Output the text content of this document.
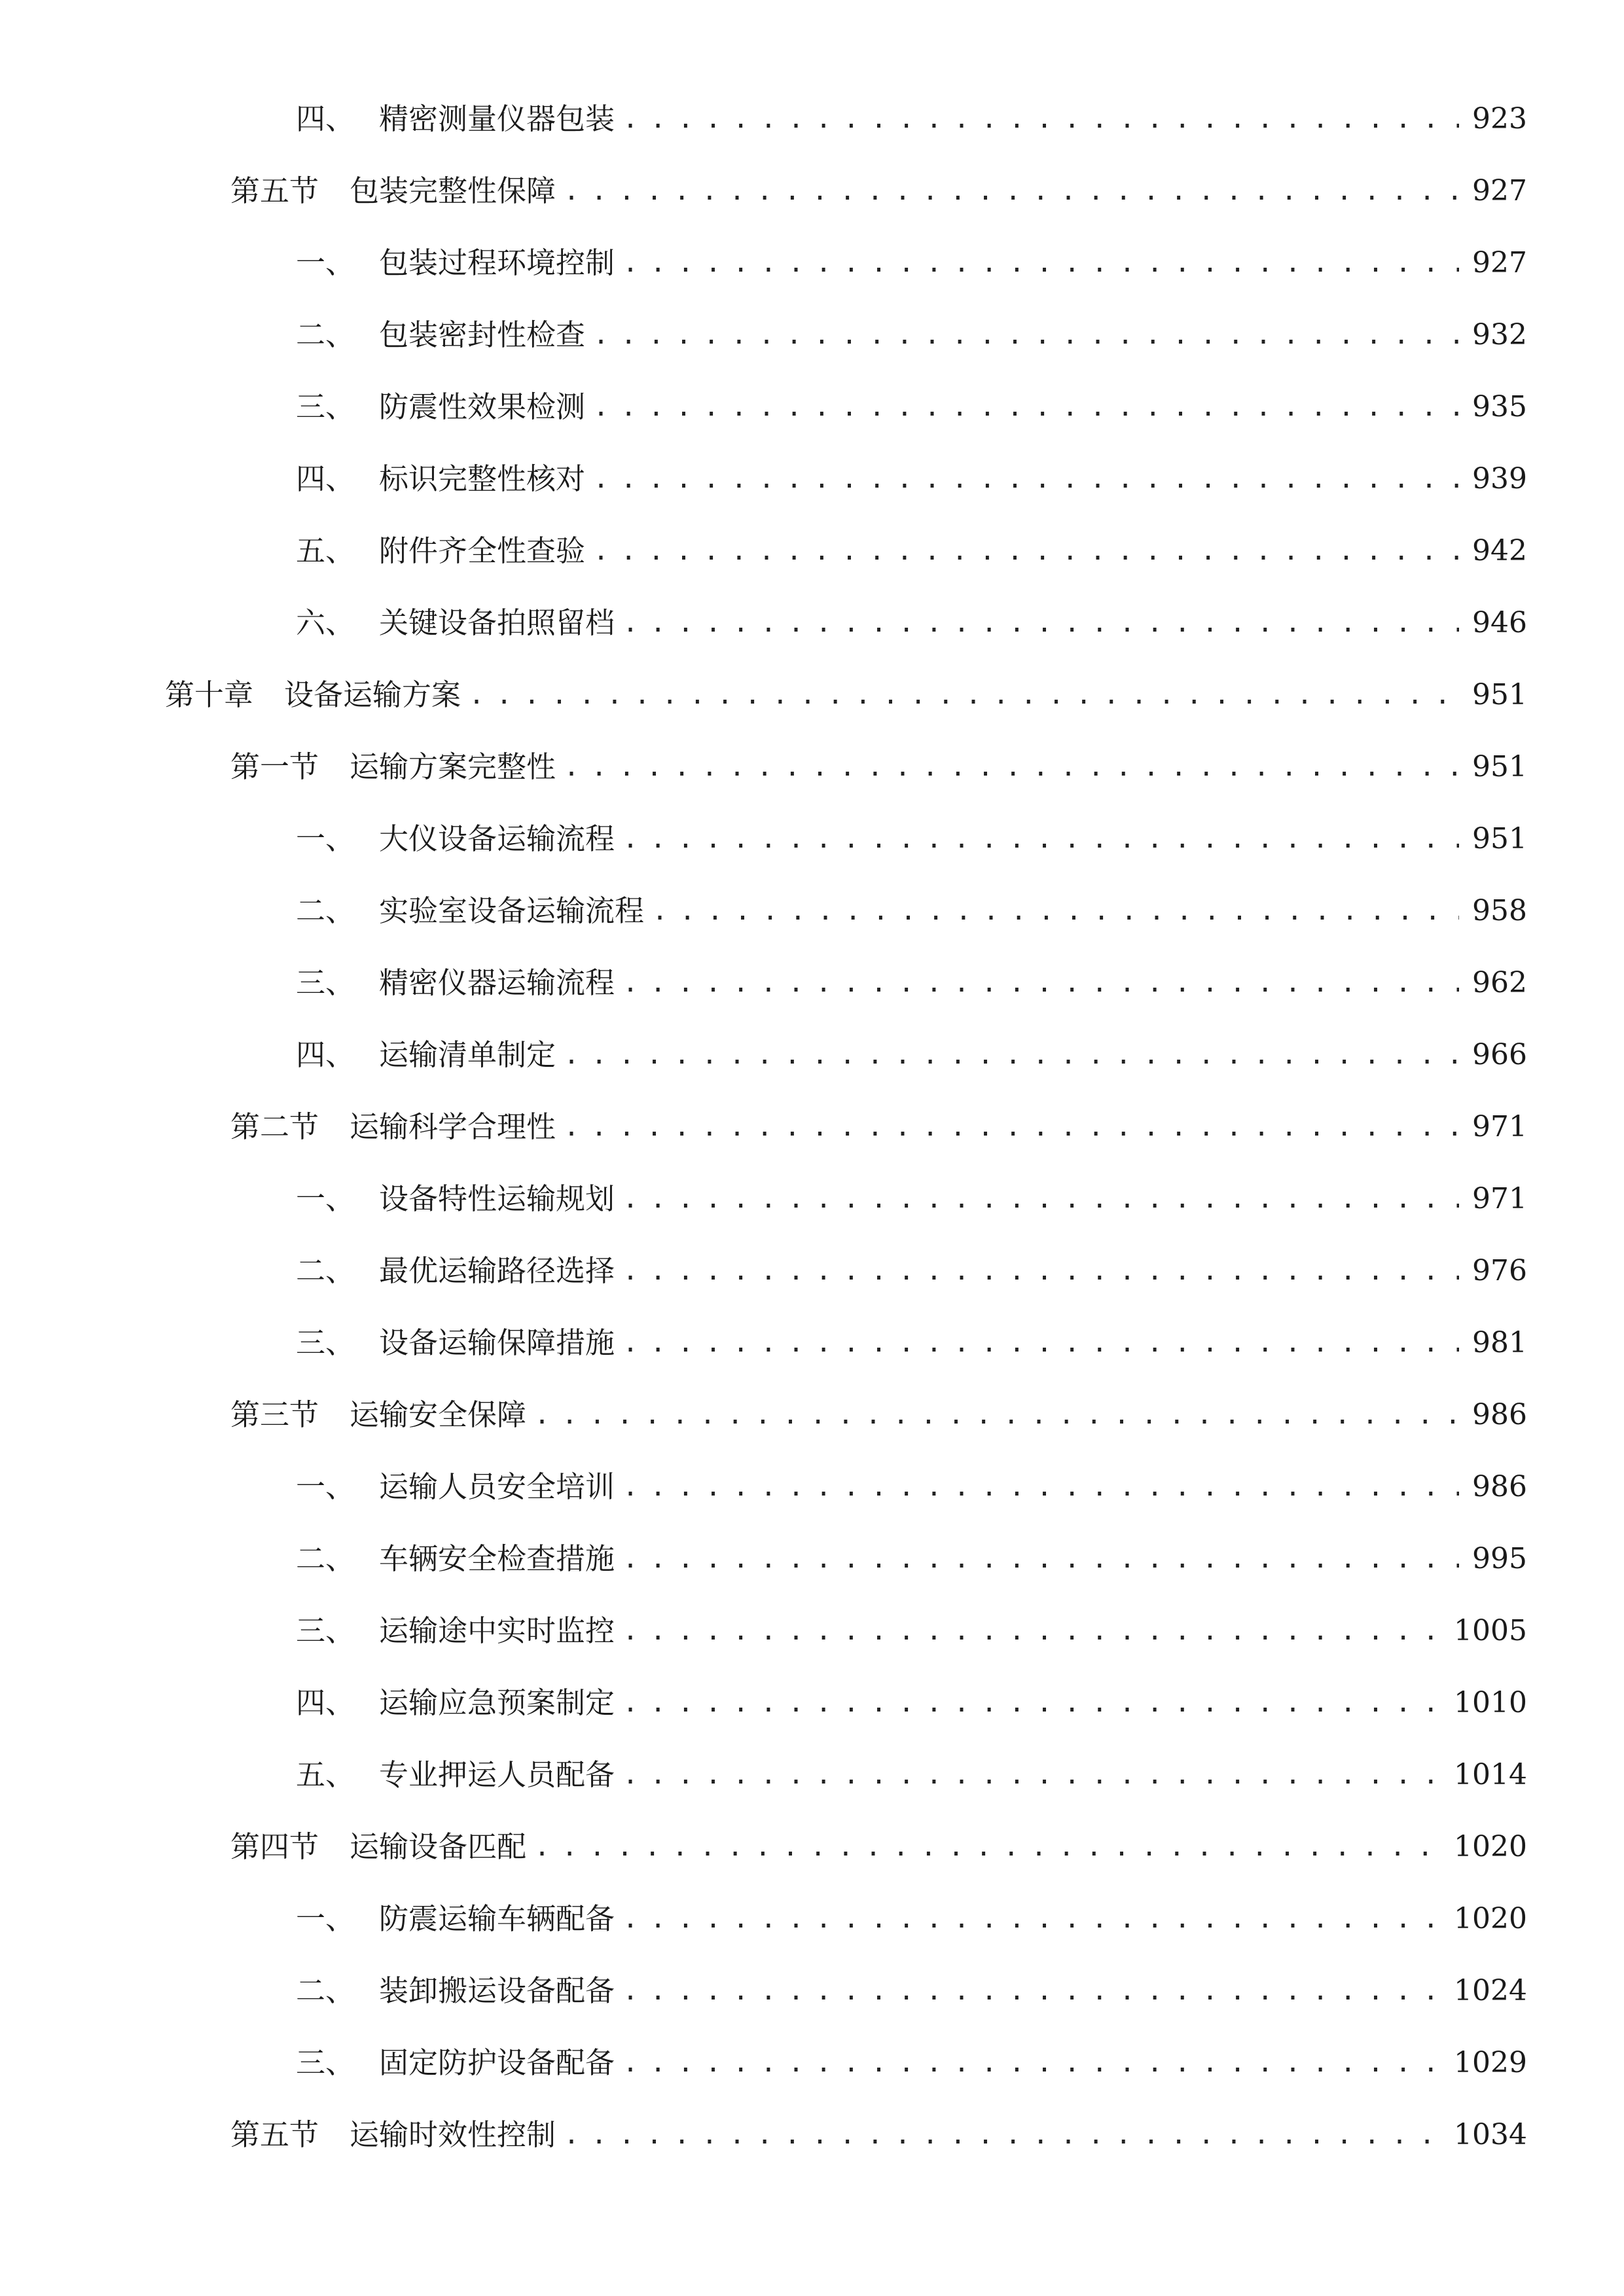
四、 精密测量仪器包装 . . .	923
第五节	包装完整性保障 . . .	927
一、 包装过程环境控制 . . .	927
二、 包装密封性检查 . . .	932
三、 防震性效果检测 . . .	935
四、 标识完整性核对 . . .	939
五、 附件齐全性查验 . . .	942
六、 关键设备拍照留档 . . .	946
第十章	设备运输方案 . . .	951
第一节	运输方案完整性 . . .	951
一、 大仪设备运输流程 . . .	951
二、 实验室设备运输流程 . . .	958
三、 精密仪器运输流程 . . .	962
四、 运输清单制定 . . .	966
第二节	运输科学合理性 . . .	971
一、 设备特性运输规划 . . .	971
二、 最优运输路径选择 . . .	976
三、 设备运输保障措施 . . .	981
第三节	运输安全保障 . . .	986
一、 运输人员安全培训 . . .	986
二、 车辆安全检查措施 . . .	995
三、 运输途中实时监控 . . .	1005
四、 运输应急预案制定 . . .	1010
五、 专业押运人员配备 . . .	1014
第四节	运输设备匹配 . . .	1020
一、 防震运输车辆配备 . . .	1020
二、 装卸搬运设备配备 . . .	1024
三、 固定防护设备配备 . . .	1029
第五节	运输时效性控制 . . .	1034
